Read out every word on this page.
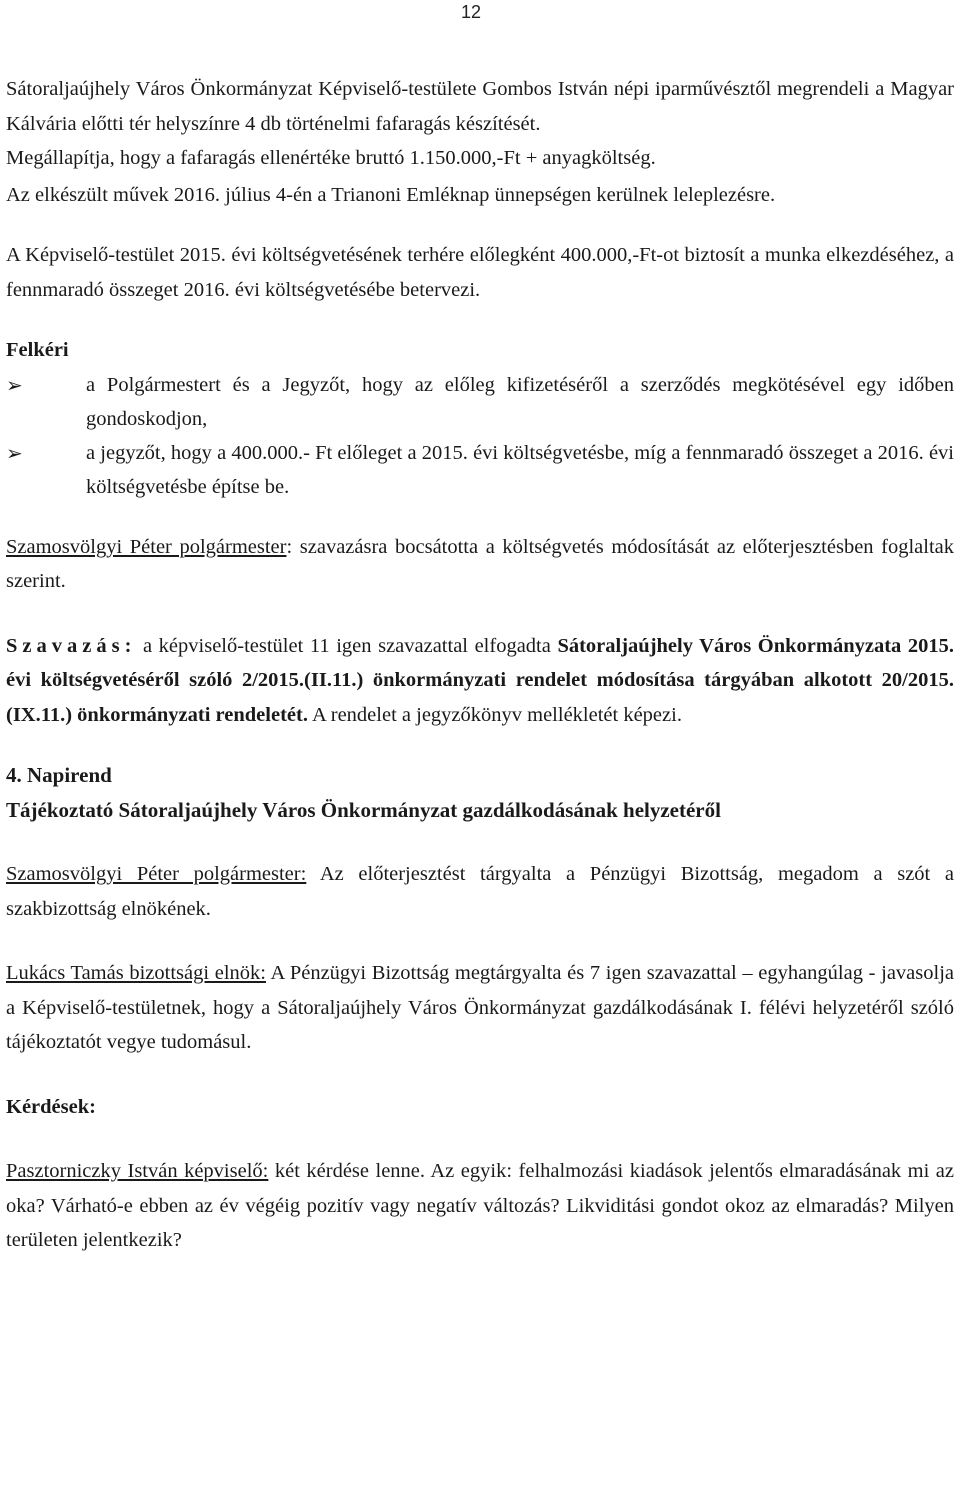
12

Sátoraljaújhely Város Önkormányzat Képviselő-testülete Gombos István népi iparművésztől megrendeli a Magyar Kálvária előtti tér helyszínre 4 db történelmi fafaragás készítését.

Megállapítja, hogy a fafaragás ellenértéke bruttó 1.150.000,-Ft + anyagköltség.

Az elkészült művek 2016. július 4-én a Trianoni Emléknap ünnepségen kerülnek leleplezésre.

A Képviselő-testület 2015. évi költségvetésének terhére előlegként 400.000,-Ft-ot biztosít a munka elkezdéséhez, a fennmaradó összeget 2016. évi költségvetésébe betervezi.

Felkéri

➢	a Polgármestert és a Jegyzőt, hogy az előleg kifizetéséről a szerződés megkötésével egy időben gondoskodjon,
➢	a jegyzőt, hogy a 400.000.- Ft előleget a 2015. évi költségvetésbe, míg a fennmaradó összeget a 2016. évi költségvetésbe építse be.

Szamosvölgyi Péter polgármester: szavazásra bocsátotta a költségvetés módosítását az előterjesztésben foglaltak szerint.

Szavazás: a képviselő-testület 11 igen szavazattal elfogadta Sátoraljaújhely Város Önkormányzata 2015. évi költségvetéséről szóló 2/2015.(II.11.) önkormányzati rendelet módosítása tárgyában alkotott 20/2015.(IX.11.) önkormányzati rendeletét. A rendelet a jegyzőkönyv mellékletét képezi.

4. Napirend
Tájékoztató Sátoraljaújhely Város Önkormányzat gazdálkodásának helyzetéről

Szamosvölgyi Péter polgármester: Az előterjesztést tárgyalta a Pénzügyi Bizottság, megadom a szót a szakbizottság elnökének.

Lukács Tamás bizottsági elnök: A Pénzügyi Bizottság megtárgyalta és 7 igen szavazattal – egyhangúlag - javasolja a Képviselő-testületnek, hogy a Sátoraljaújhely Város Önkormányzat gazdálkodásának I. félévi helyzetéről szóló tájékoztatót vegye tudomásul.

Kérdések:

Pasztorniczky István képviselő: két kérdése lenne. Az egyik: felhalmozási kiadások jelentős elmaradásának mi az oka? Várható-e ebben az év végéig pozitív vagy negatív változás? Likviditási gondot okoz az elmaradás? Milyen területen jelentkezik?
